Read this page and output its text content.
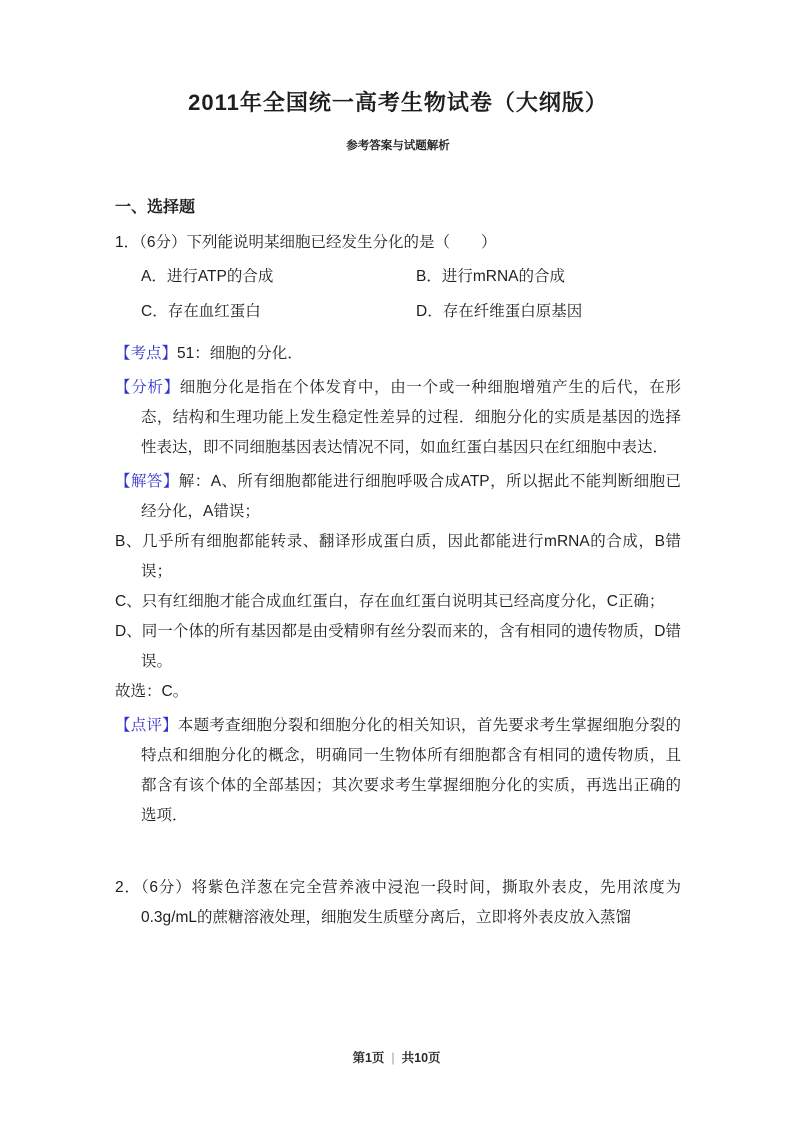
2011年全国统一高考生物试卷（大纲版）
参考答案与试题解析
一、选择题
1．（6分）下列能说明某细胞已经发生分化的是（　　）
A．进行ATP的合成	B．进行mRNA的合成
C．存在血红蛋白	D．存在纤维蛋白原基因
【考点】51：细胞的分化．
【分析】细胞分化是指在个体发育中，由一个或一种细胞增殖产生的后代，在形态，结构和生理功能上发生稳定性差异的过程．细胞分化的实质是基因的选择性表达，即不同细胞基因表达情况不同，如血红蛋白基因只在红细胞中表达．
【解答】解：A、所有细胞都能进行细胞呼吸合成ATP，所以据此不能判断细胞已经分化，A错误；
B、几乎所有细胞都能转录、翻译形成蛋白质，因此都能进行mRNA的合成，B错误；
C、只有红细胞才能合成血红蛋白，存在血红蛋白说明其已经高度分化，C正确；
D、同一个体的所有基因都是由受精卵有丝分裂而来的，含有相同的遗传物质，D错误。
故选：C。
【点评】本题考查细胞分裂和细胞分化的相关知识，首先要求考生掌握细胞分裂的特点和细胞分化的概念，明确同一生物体所有细胞都含有相同的遗传物质，且都含有该个体的全部基因；其次要求考生掌握细胞分化的实质，再选出正确的选项．
2．（6分）将紫色洋葱在完全营养液中浸泡一段时间，撕取外表皮，先用浓度为0.3g/mL的蔗糖溶液处理，细胞发生质壁分离后，立即将外表皮放入蒸馏
第1页 | 共10页
